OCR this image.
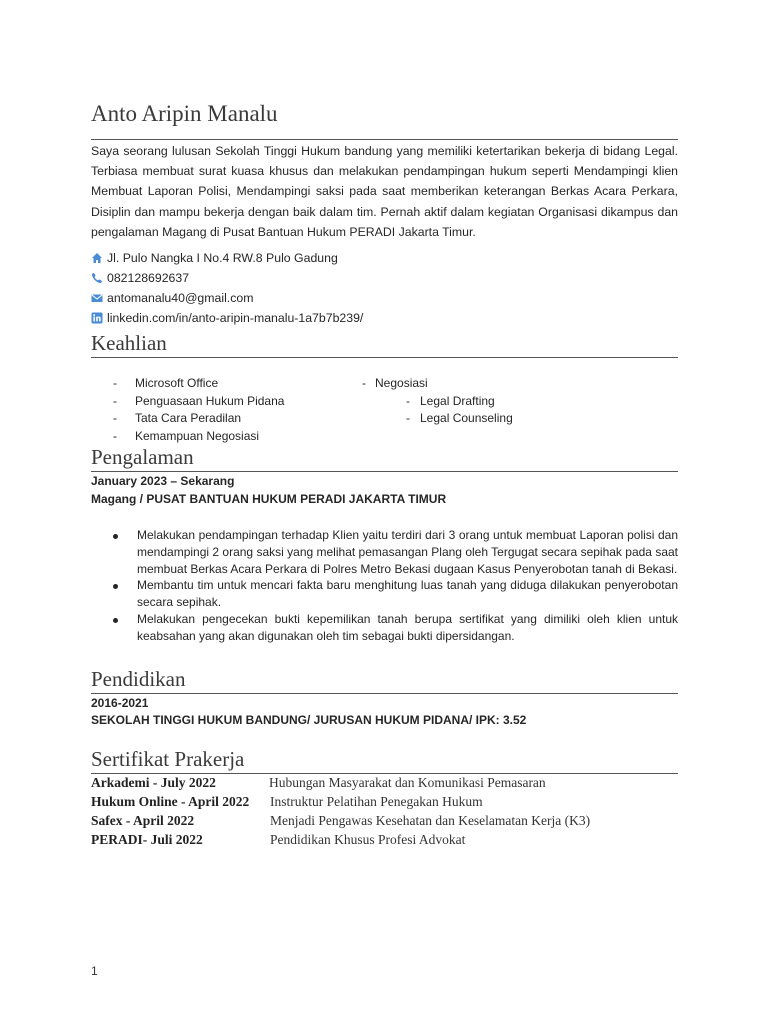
Anto Aripin Manalu

Saya seorang lulusan Sekolah Tinggi Hukum bandung yang memiliki ketertarikan bekerja di bidang Legal. Terbiasa membuat surat kuasa khusus dan melakukan pendampingan hukum seperti Mendampingi klien Membuat Laporan Polisi, Mendampingi saksi pada saat memberikan keterangan Berkas Acara Perkara, Disiplin dan mampu bekerja dengan baik dalam tim. Pernah aktif dalam kegiatan Organisasi dikampus dan pengalaman Magang di Pusat Bantuan Hukum PERADI Jakarta Timur.

Jl. Pulo Nangka I No.4 RW.8 Pulo Gadung
082128692637
antomanalu40@gmail.com
linkedin.com/in/anto-aripin-manalu-1a7b7b239/
Keahlian
-	Microsoft Office
-	Penguasaan Hukum Pidana
-	Tata Cara Peradilan
-	Kemampuan Negosiasi
- Negosiasi
- Legal Drafting
- Legal Counseling
Pengalaman
January 2023 – Sekarang
Magang / PUSAT BANTUAN HUKUM PERADI JAKARTA TIMUR
Melakukan pendampingan terhadap Klien yaitu terdiri dari 3 orang untuk membuat Laporan polisi dan mendampingi 2 orang saksi yang melihat pemasangan Plang oleh Tergugat secara sepihak pada saat membuat Berkas Acara Perkara di Polres Metro Bekasi dugaan Kasus Penyerobotan tanah di Bekasi.
Membantu tim untuk mencari fakta baru menghitung luas tanah yang diduga dilakukan penyerobotan secara sepihak.
Melakukan pengecekan bukti kepemilikan tanah berupa sertifikat yang dimiliki oleh klien untuk keabsahan yang akan digunakan oleh tim sebagai bukti dipersidangan.
Pendidikan
2016-2021
SEKOLAH TINGGI HUKUM BANDUNG/ JURUSAN HUKUM PIDANA/ IPK: 3.52
Sertifikat Prakerja
Arkademi - July 2022	Hubungan Masyarakat dan Komunikasi Pemasaran
Hukum Online - April 2022 Instruktur Pelatihan Penegakan Hukum
Safex - April 2022	Menjadi Pengawas Kesehatan dan Keselamatan Kerja (K3)
PERADI- Juli 2022	Pendidikan Khusus Profesi Advokat
1
